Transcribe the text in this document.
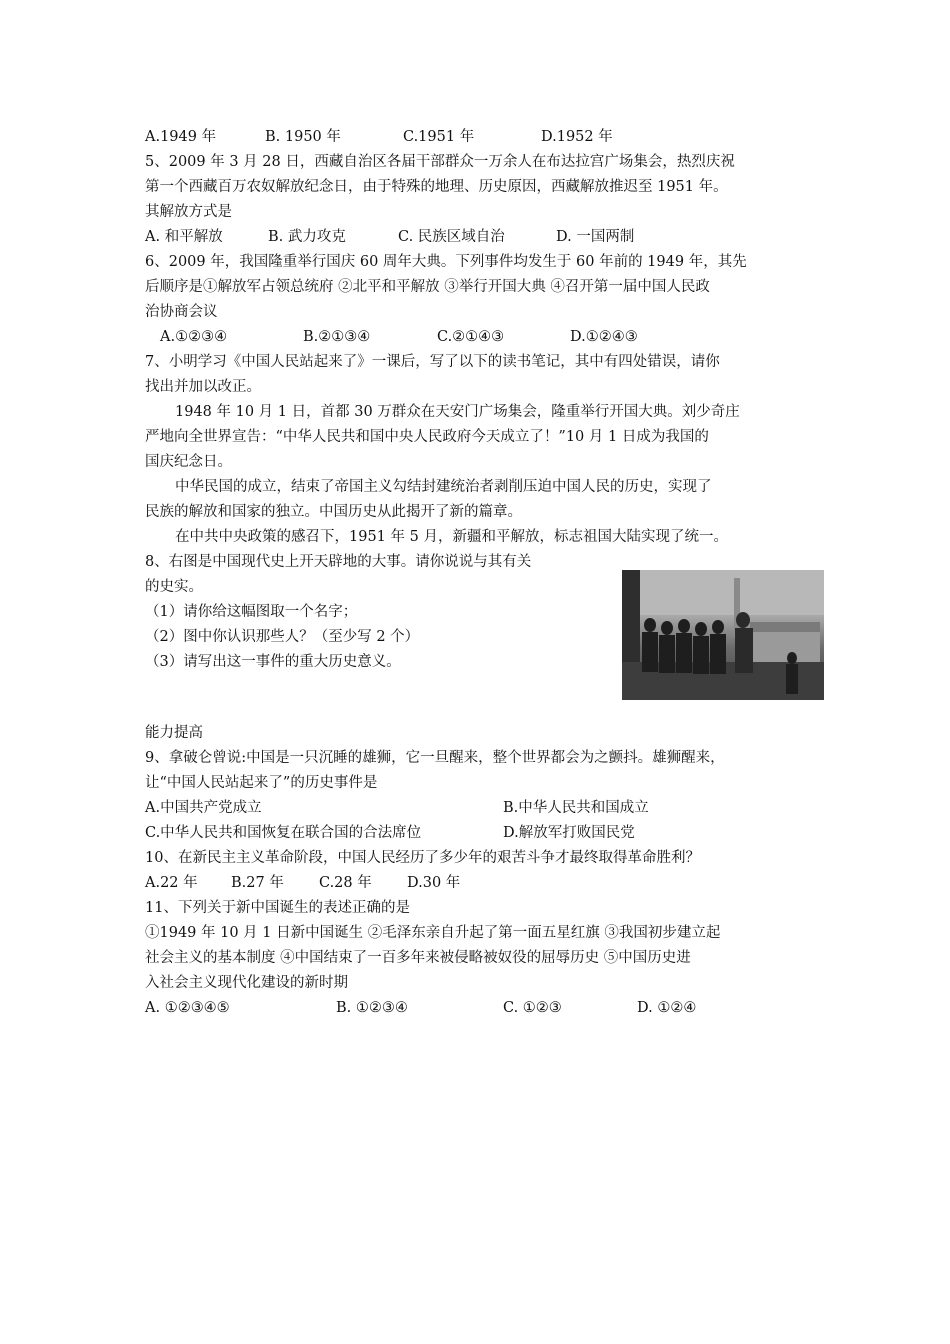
A.1949 年	B. 1950 年	C.1951 年	D.1952 年
5、2009 年 3 月 28 日，西藏自治区各届干部群众一万余人在布达拉宫广场集会，热烈庆祝
第一个西藏百万农奴解放纪念日，由于特殊的地理、历史原因，西藏解放推迟至 1951 年。
其解放方式是
A. 和平解放	B. 武力攻克	C. 民族区域自治	D. 一国两制
6、2009 年，我国隆重举行国庆 60 周年大典。下列事件均发生于 60 年前的 1949 年，其先
后顺序是①解放军占领总统府 ②北平和平解放 ③举行开国大典 ④召开第一届中国人民政
治协商会议
A.①②③④	B.②①③④	C.②①④③	D.①②④③
7、小明学习《中国人民站起来了》一课后，写了以下的读书笔记，其中有四处错误，请你
找出并加以改正。
1948 年 10 月 1 日，首都 30 万群众在天安门广场集会，隆重举行开国大典。刘少奇庄
严地向全世界宣告：“中华人民共和国中央人民政府今天成立了！”10 月 1 日成为我国的
国庆纪念日。
中华民国的成立，结束了帝国主义勾结封建统治者剥削压迫中国人民的历史，实现了
民族的解放和国家的独立。中国历史从此揭开了新的篇章。
在中共中央政策的感召下，1951 年 5 月，新疆和平解放，标志祖国大陆实现了统一。
8、右图是中国现代史上开天辟地的大事。请你说说与其有关
的史实。
（1）请你给这幅图取一个名字；
（2）图中你认识那些人？（至少写 2 个）
（3）请写出这一事件的重大历史意义。
能力提高
9、拿破仑曾说:中国是一只沉睡的雄狮，它一旦醒来，整个世界都会为之颤抖。雄狮醒来，
让“中国人民站起来了”的历史事件是
A.中国共产党成立	B.中华人民共和国成立
C.中华人民共和国恢复在联合国的合法席位	D.解放军打败国民党
10、在新民主主义革命阶段，中国人民经历了多少年的艰苦斗争才最终取得革命胜利？
A.22 年 B.27 年 C.28 年 D.30 年
11、下列关于新中国诞生的表述正确的是
①1949 年 10 月 1 日新中国诞生 ②毛泽东亲自升起了第一面五星红旗 ③我国初步建立起
社会主义的基本制度 ④中国结束了一百多年来被侵略被奴役的屈辱历史 ⑤中国历史进
入社会主义现代化建设的新时期
A. ①②③④⑤	B. ①②③④	C. ①②③	D. ①②④
